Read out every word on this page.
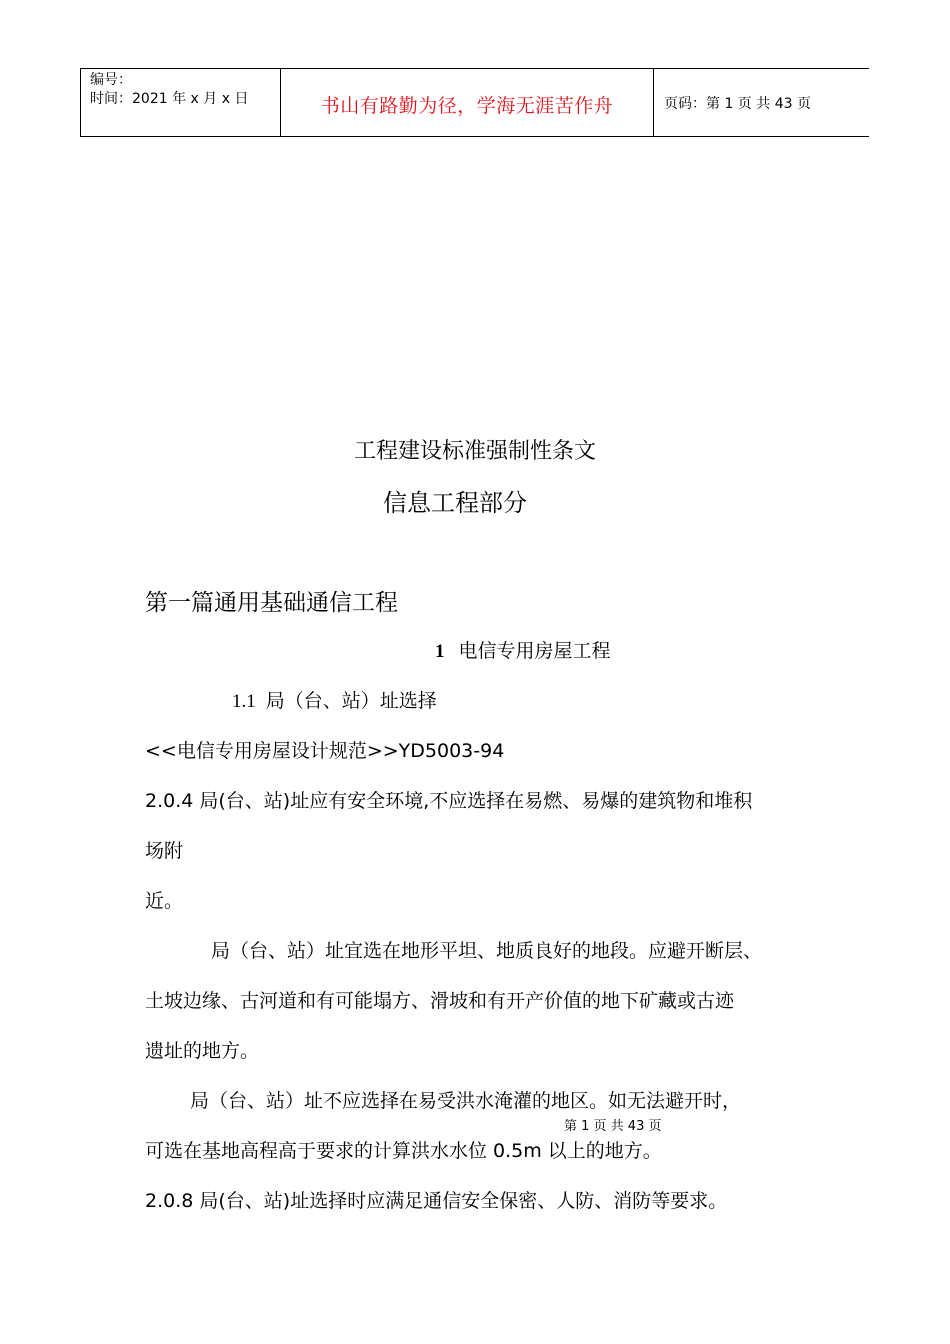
编号：
时间：2021 年 x 月 x 日	书山有路勤为径，学海无涯苦作舟	页码：第 1 页 共 43 页
工程建设标准强制性条文
信息工程部分
第一篇通用基础通信工程
1 电信专用房屋工程
1.1 局（台、站）址选择
<<电信专用房屋设计规范>>YD5003-94
2.0.4 局(台、站)址应有安全环境,不应选择在易燃、易爆的建筑物和堆积
场附
近。
局（台、站）址宜选在地形平坦、地质良好的地段。应避开断层、
土坡边缘、古河道和有可能塌方、滑坡和有开产价值的地下矿藏或古迹
遗址的地方。
局（台、站）址不应选择在易受洪水淹灌的地区。如无法避开时，
第 1 页 共 43 页
可选在基地高程高于要求的计算洪水水位 0.5m 以上的地方。
2.0.8 局(台、站)址选择时应满足通信安全保密、人防、消防等要求。
